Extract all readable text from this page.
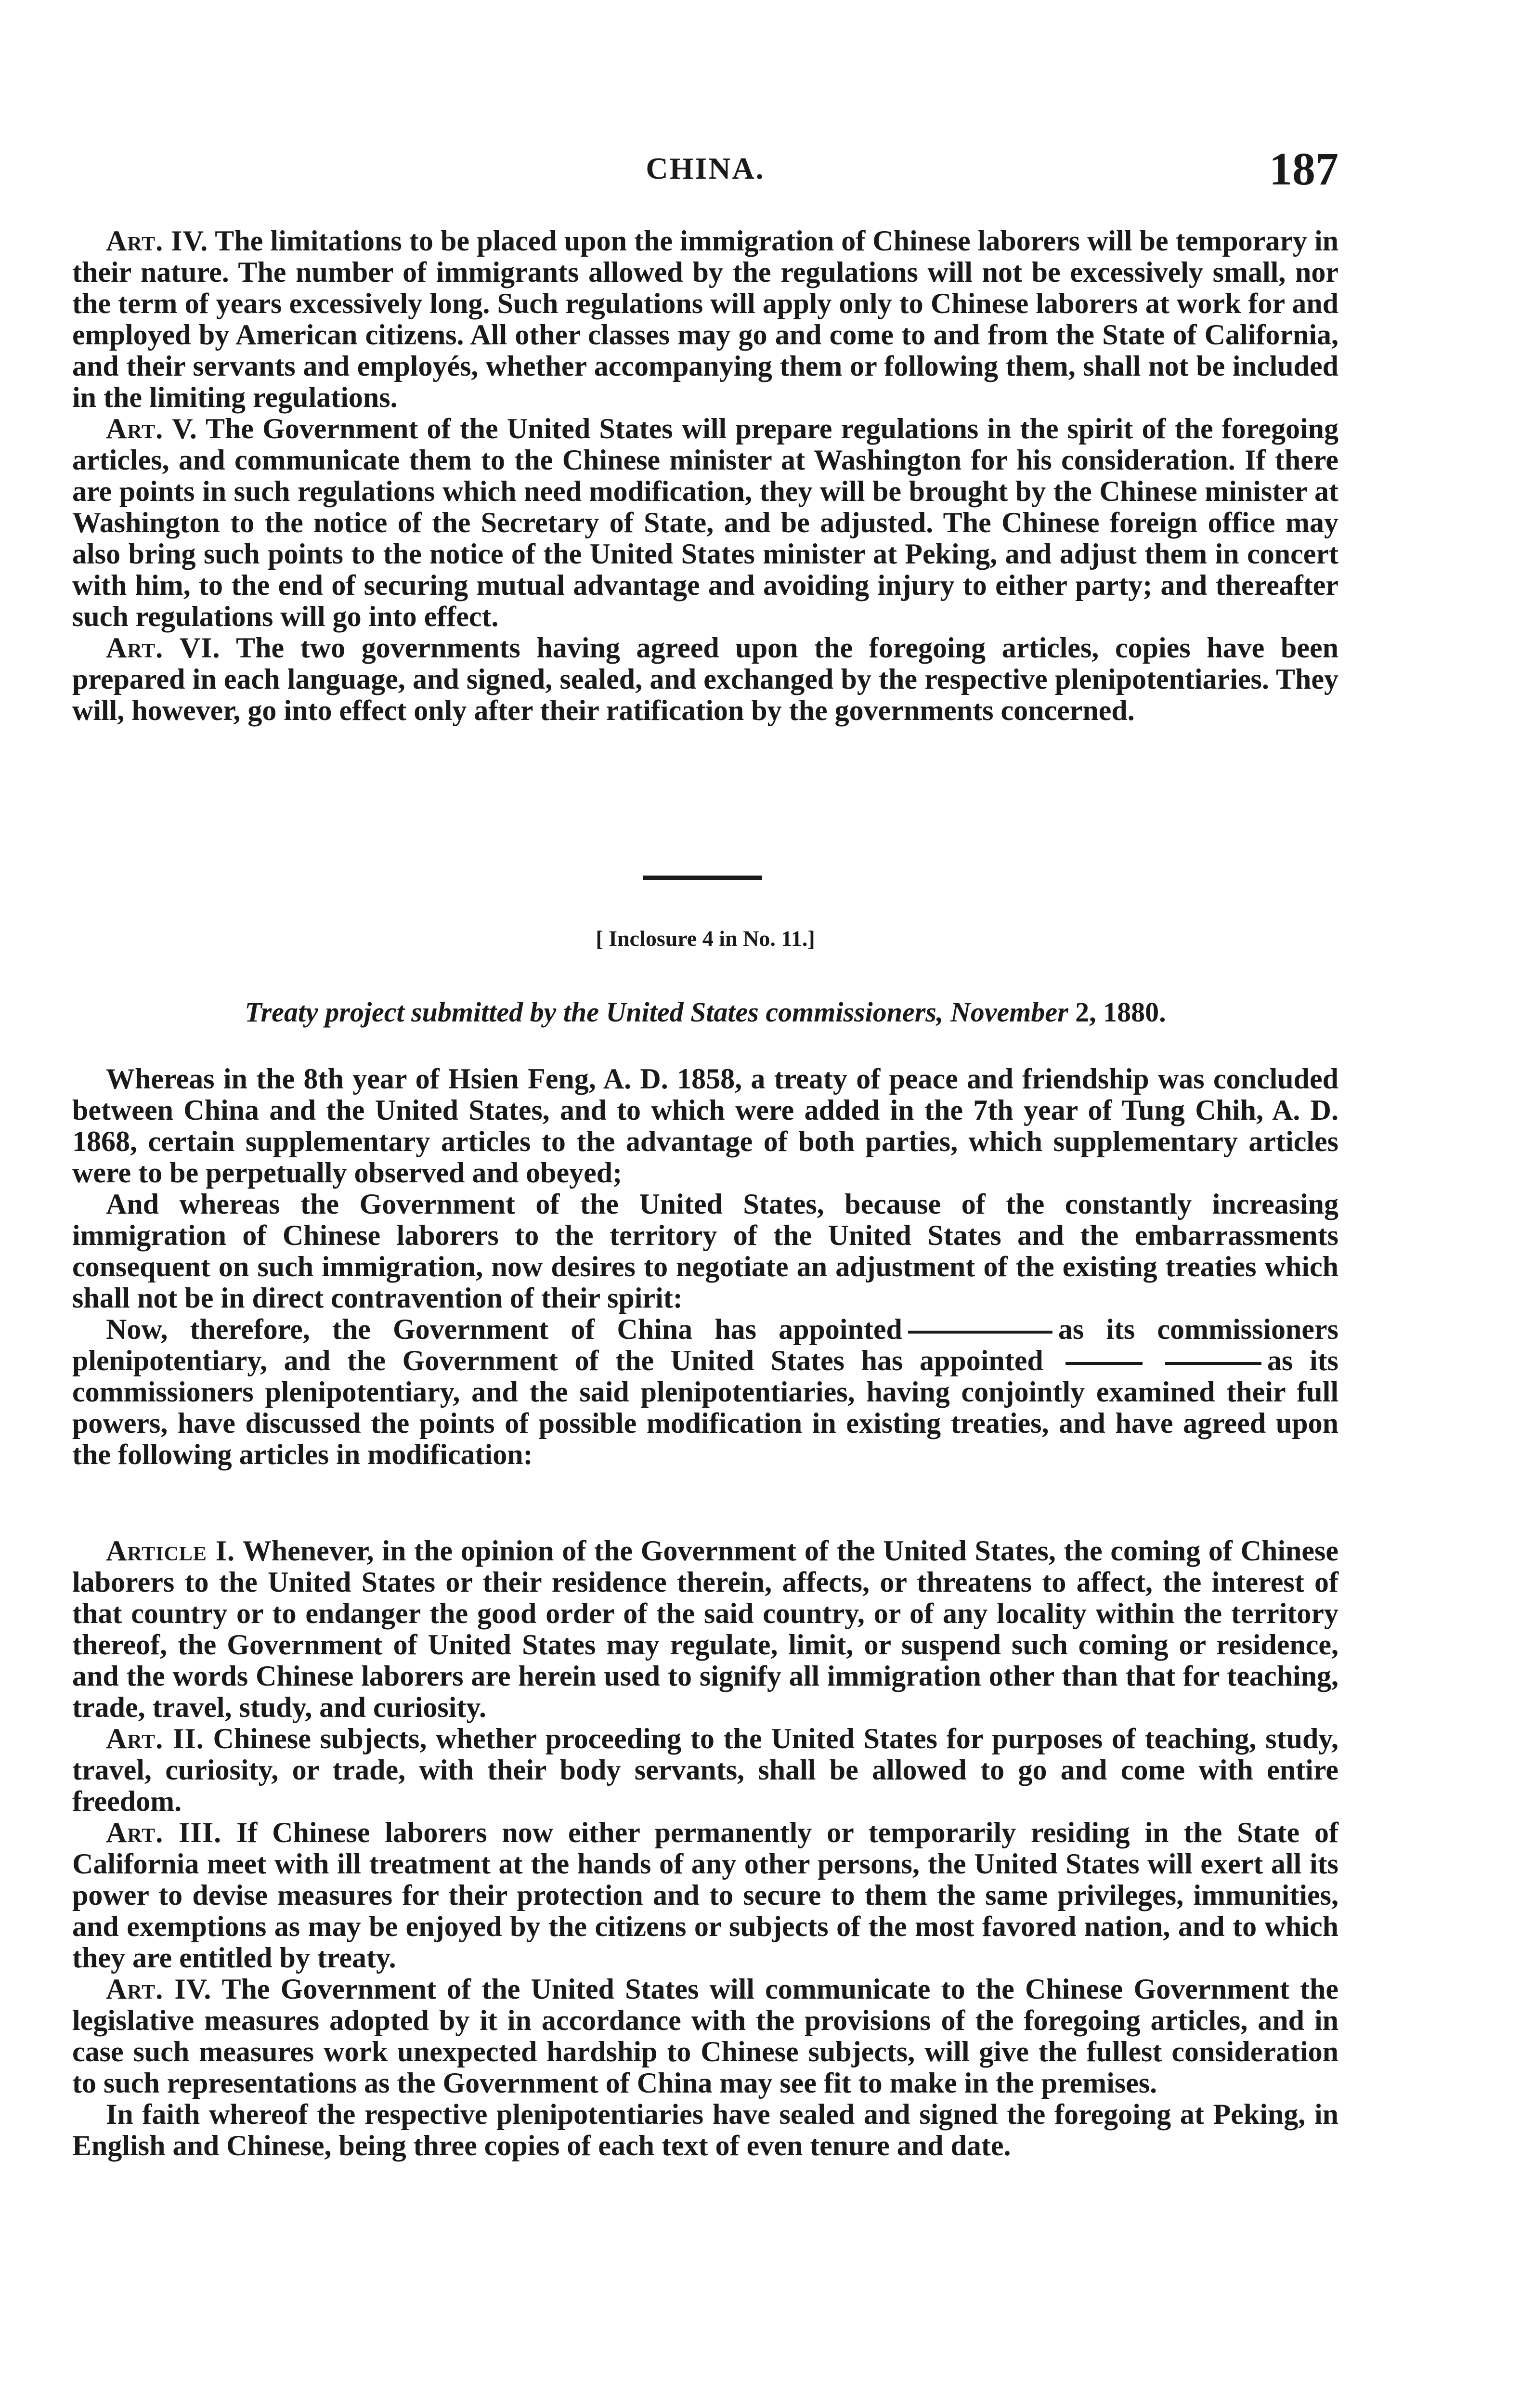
CHINA.	187

Art. IV. The limitations to be placed upon the immigration of Chinese laborers will be temporary in their nature. The number of immigrants allowed by the regulations will not be excessively small, nor the term of years excessively long. Such regulations will apply only to Chinese laborers at work for and employed by American citizens. All other classes may go and come to and from the State of California, and their servants and employés, whether accompanying them or following them, shall not be included in the limiting regulations.

Art. V. The Government of the United States will prepare regulations in the spirit of the foregoing articles, and communicate them to the Chinese minister at Washington for his consideration. If there are points in such regulations which need modification, they will be brought by the Chinese minister at Washington to the notice of the Secretary of State, and be adjusted. The Chinese foreign office may also bring such points to the notice of the United States minister at Peking, and adjust them in concert with him, to the end of securing mutual advantage and avoiding injury to either party; and thereafter such regulations will go into effect.

Art. VI. The two governments having agreed upon the foregoing articles, copies have been prepared in each language, and signed, sealed, and exchanged by the respective plenipotentiaries. They will, however, go into effect only after their ratification by the governments concerned.

[ Inclosure 4 in No. 11.]
Treaty project submitted by the United States commissioners, November 2, 1880.

Whereas in the 8th year of Hsien Feng, A. D. 1858, a treaty of peace and friendship was concluded between China and the United States, and to which were added in the 7th year of Tung Chih, A. D. 1868, certain supplementary articles to the advantage of both parties, which supplementary articles were to be perpetually observed and obeyed;

And whereas the Government of the United States, because of the constantly increasing immigration of Chinese laborers to the territory of the United States and the embarrassments consequent on such immigration, now desires to negotiate an adjustment of the existing treaties which shall not be in direct contravention of their spirit:

Now, therefore, the Government of China has appointed	as its commissioners plenipotentiary, and the Government of the United States has appointed	as its commissioners plenipotentiary, and the said plenipotentiaries, having conjointly examined their full powers, have discussed the points of possible modification in existing treaties, and have agreed upon the following articles in modification:

Article I. Whenever, in the opinion of the Government of the United States, the coming of Chinese laborers to the United States or their residence therein, affects, or threatens to affect, the interest of that country or to endanger the good order of the said country, or of any locality within the territory thereof, the Government of United States may regulate, limit, or suspend such coming or residence, and the words Chinese laborers are herein used to signify all immigration other than that for teaching, trade, travel, study, and curiosity.

Art. II. Chinese subjects, whether proceeding to the United States for purposes of teaching, study, travel, curiosity, or trade, with their body servants, shall be allowed to go and come with entire freedom.

Art. III. If Chinese laborers now either permanently or temporarily residing in the State of California meet with ill treatment at the hands of any other persons, the United States will exert all its power to devise measures for their protection and to secure to them the same privileges, immunities, and exemptions as may be enjoyed by the citizens or subjects of the most favored nation, and to which they are entitled by treaty.

Art. IV. The Government of the United States will communicate to the Chinese Government the legislative measures adopted by it in accordance with the provisions of the foregoing articles, and in case such measures work unexpected hardship to Chinese subjects, will give the fullest consideration to such representations as the Government of China may see fit to make in the premises.

In faith whereof the respective plenipotentiaries have sealed and signed the foregoing at Peking, in English and Chinese, being three copies of each text of even tenure and date.
